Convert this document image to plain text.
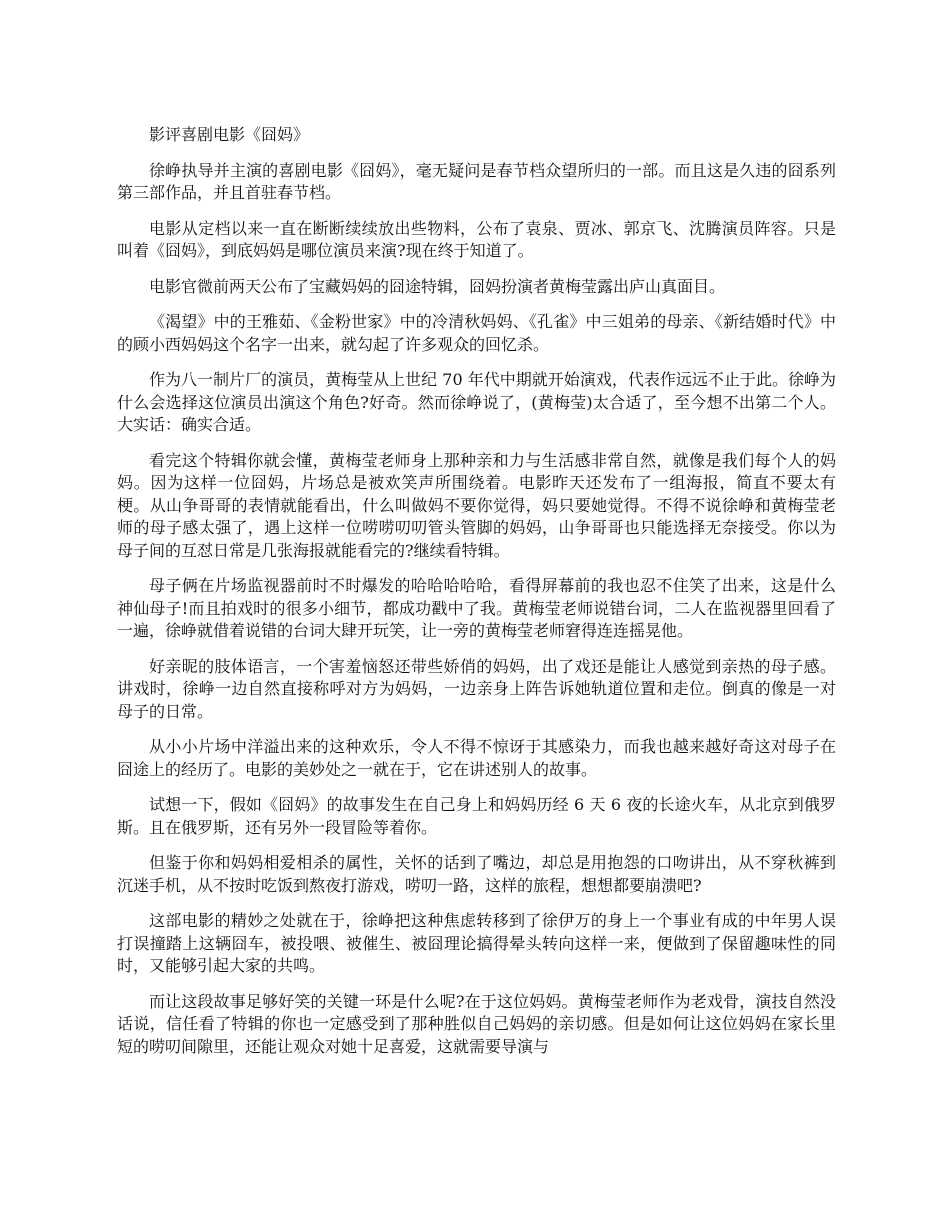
影评喜剧电影《囧妈》

徐峥执导并主演的喜剧电影《囧妈》，毫无疑问是春节档众望所归的一部。而且这是久违的囧系列第三部作品，并且首驻春节档。

电影从定档以来一直在断断续续放出些物料，公布了袁泉、贾冰、郭京飞、沈腾演员阵容。只是叫着《囧妈》，到底妈妈是哪位演员来演?现在终于知道了。

电影官微前两天公布了宝藏妈妈的囧途特辑，囧妈扮演者黄梅莹露出庐山真面目。

《渴望》中的王雅茹、《金粉世家》中的冷清秋妈妈、《孔雀》中三姐弟的母亲、《新结婚时代》中的顾小西妈妈这个名字一出来，就勾起了许多观众的回忆杀。

作为八一制片厂的演员，黄梅莹从上世纪 70 年代中期就开始演戏，代表作远远不止于此。徐峥为什么会选择这位演员出演这个角色?好奇。然而徐峥说了，(黄梅莹)太合适了，至今想不出第二个人。大实话：确实合适。

看完这个特辑你就会懂，黄梅莹老师身上那种亲和力与生活感非常自然，就像是我们每个人的妈妈。因为这样一位囧妈，片场总是被欢笑声所围绕着。电影昨天还发布了一组海报，简直不要太有梗。从山争哥哥的表情就能看出，什么叫做妈不要你觉得，妈只要她觉得。不得不说徐峥和黄梅莹老师的母子感太强了，遇上这样一位唠唠叨叨管头管脚的妈妈，山争哥哥也只能选择无奈接受。你以为母子间的互怼日常是几张海报就能看完的?继续看特辑。

母子俩在片场监视器前时不时爆发的哈哈哈哈哈，看得屏幕前的我也忍不住笑了出来，这是什么神仙母子!而且拍戏时的很多小细节，都成功戳中了我。黄梅莹老师说错台词，二人在监视器里回看了一遍，徐峥就借着说错的台词大肆开玩笑，让一旁的黄梅莹老师窘得连连摇晃他。

好亲昵的肢体语言，一个害羞恼怒还带些娇俏的妈妈，出了戏还是能让人感觉到亲热的母子感。讲戏时，徐峥一边自然直接称呼对方为妈妈，一边亲身上阵告诉她轨道位置和走位。倒真的像是一对母子的日常。

从小小片场中洋溢出来的这种欢乐，令人不得不惊讶于其感染力，而我也越来越好奇这对母子在囧途上的经历了。电影的美妙处之一就在于，它在讲述别人的故事。

试想一下，假如《囧妈》的故事发生在自己身上和妈妈历经 6 天 6 夜的长途火车，从北京到俄罗斯。且在俄罗斯，还有另外一段冒险等着你。

但鉴于你和妈妈相爱相杀的属性，关怀的话到了嘴边，却总是用抱怨的口吻讲出，从不穿秋裤到沉迷手机，从不按时吃饭到熬夜打游戏，唠叨一路，这样的旅程，想想都要崩溃吧?

这部电影的精妙之处就在于，徐峥把这种焦虑转移到了徐伊万的身上一个事业有成的中年男人误打误撞踏上这辆囧车，被投喂、被催生、被囧理论搞得晕头转向这样一来，便做到了保留趣味性的同时，又能够引起大家的共鸣。

而让这段故事足够好笑的关键一环是什么呢?在于这位妈妈。黄梅莹老师作为老戏骨，演技自然没话说，信任看了特辑的你也一定感受到了那种胜似自己妈妈的亲切感。但是如何让这位妈妈在家长里短的唠叨间隙里，还能让观众对她十足喜爱，这就需要导演与
